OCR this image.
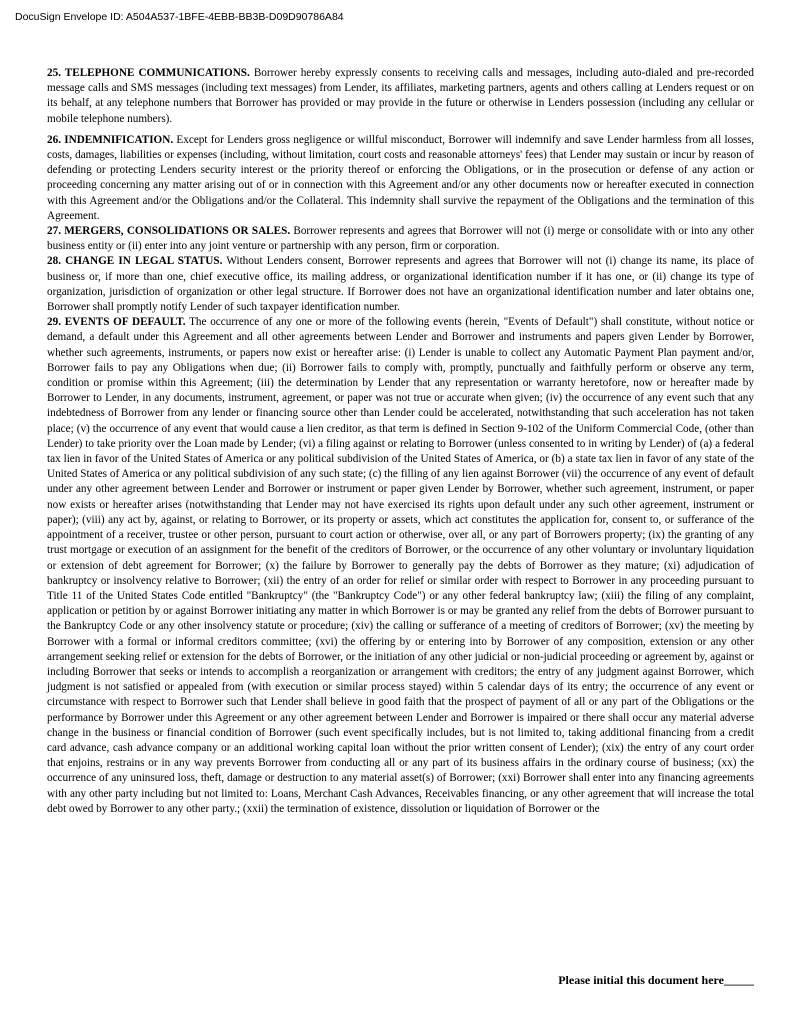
DocuSign Envelope ID: A504A537-1BFE-4EBB-BB3B-D09D90786A84

25. TELEPHONE COMMUNICATIONS. Borrower hereby expressly consents to receiving calls and messages, including auto-dialed and pre-recorded message calls and SMS messages (including text messages) from Lender, its affiliates, marketing partners, agents and others calling at Lenders request or on its behalf, at any telephone numbers that Borrower has provided or may provide in the future or otherwise in Lenders possession (including any cellular or mobile telephone numbers).

26. INDEMNIFICATION. Except for Lenders gross negligence or willful misconduct, Borrower will indemnify and save Lender harmless from all losses, costs, damages, liabilities or expenses (including, without limitation, court costs and reasonable attorneys' fees) that Lender may sustain or incur by reason of defending or protecting Lenders security interest or the priority thereof or enforcing the Obligations, or in the prosecution or defense of any action or proceeding concerning any matter arising out of or in connection with this Agreement and/or any other documents now or hereafter executed in connection with this Agreement and/or the Obligations and/or the Collateral. This indemnity shall survive the repayment of the Obligations and the termination of this Agreement.

27. MERGERS, CONSOLIDATIONS OR SALES. Borrower represents and agrees that Borrower will not (i) merge or consolidate with or into any other business entity or (ii) enter into any joint venture or partnership with any person, firm or corporation.

28. CHANGE IN LEGAL STATUS. Without Lenders consent, Borrower represents and agrees that Borrower will not (i) change its name, its place of business or, if more than one, chief executive office, its mailing address, or organizational identification number if it has one, or (ii) change its type of organization, jurisdiction of organization or other legal structure. If Borrower does not have an organizational identification number and later obtains one, Borrower shall promptly notify Lender of such taxpayer identification number.

29. EVENTS OF DEFAULT. The occurrence of any one or more of the following events (herein, "Events of Default") shall constitute, without notice or demand, a default under this Agreement and all other agreements between Lender and Borrower and instruments and papers given Lender by Borrower, whether such agreements, instruments, or papers now exist or hereafter arise: (i) Lender is unable to collect any Automatic Payment Plan payment and/or, Borrower fails to pay any Obligations when due; (ii) Borrower fails to comply with, promptly, punctually and faithfully perform or observe any term, condition or promise within this Agreement; (iii) the determination by Lender that any representation or warranty heretofore, now or hereafter made by Borrower to Lender, in any documents, instrument, agreement, or paper was not true or accurate when given; (iv) the occurrence of any event such that any indebtedness of Borrower from any lender or financing source other than Lender could be accelerated, notwithstanding that such acceleration has not taken place; (v) the occurrence of any event that would cause a lien creditor, as that term is defined in Section 9-102 of the Uniform Commercial Code, (other than Lender) to take priority over the Loan made by Lender; (vi) a filing against or relating to Borrower (unless consented to in writing by Lender) of (a) a federal tax lien in favor of the United States of America or any political subdivision of the United States of America, or (b) a state tax lien in favor of any state of the United States of America or any political subdivision of any such state; (c) the filling of any lien against Borrower (vii) the occurrence of any event of default under any other agreement between Lender and Borrower or instrument or paper given Lender by Borrower, whether such agreement, instrument, or paper now exists or hereafter arises (notwithstanding that Lender may not have exercised its rights upon default under any such other agreement, instrument or paper); (viii) any act by, against, or relating to Borrower, or its property or assets, which act constitutes the application for, consent to, or sufferance of the appointment of a receiver, trustee or other person, pursuant to court action or otherwise, over all, or any part of Borrowers property; (ix) the granting of any trust mortgage or execution of an assignment for the benefit of the creditors of Borrower, or the occurrence of any other voluntary or involuntary liquidation or extension of debt agreement for Borrower; (x) the failure by Borrower to generally pay the debts of Borrower as they mature; (xi) adjudication of bankruptcy or insolvency relative to Borrower; (xii) the entry of an order for relief or similar order with respect to Borrower in any proceeding pursuant to Title 11 of the United States Code entitled "Bankruptcy" (the "Bankruptcy Code") or any other federal bankruptcy law; (xiii) the filing of any complaint, application or petition by or against Borrower initiating any matter in which Borrower is or may be granted any relief from the debts of Borrower pursuant to the Bankruptcy Code or any other insolvency statute or procedure; (xiv) the calling or sufferance of a meeting of creditors of Borrower; (xv) the meeting by Borrower with a formal or informal creditors committee; (xvi) the offering by or entering into by Borrower of any composition, extension or any other arrangement seeking relief or extension for the debts of Borrower, or the initiation of any other judicial or non-judicial proceeding or agreement by, against or including Borrower that seeks or intends to accomplish a reorganization or arrangement with creditors; the entry of any judgment against Borrower, which judgment is not satisfied or appealed from (with execution or similar process stayed) within 5 calendar days of its entry; the occurrence of any event or circumstance with respect to Borrower such that Lender shall believe in good faith that the prospect of payment of all or any part of the Obligations or the performance by Borrower under this Agreement or any other agreement between Lender and Borrower is impaired or there shall occur any material adverse change in the business or financial condition of Borrower (such event specifically includes, but is not limited to, taking additional financing from a credit card advance, cash advance company or an additional working capital loan without the prior written consent of Lender); (xix) the entry of any court order that enjoins, restrains or in any way prevents Borrower from conducting all or any part of its business affairs in the ordinary course of business; (xx) the occurrence of any uninsured loss, theft, damage or destruction to any material asset(s) of Borrower; (xxi) Borrower shall enter into any financing agreements with any other party including but not limited to: Loans, Merchant Cash Advances, Receivables financing, or any other agreement that will increase the total debt owed by Borrower to any other party.; (xxii) the termination of existence, dissolution or liquidation of Borrower or the

Please initial this document here_____
